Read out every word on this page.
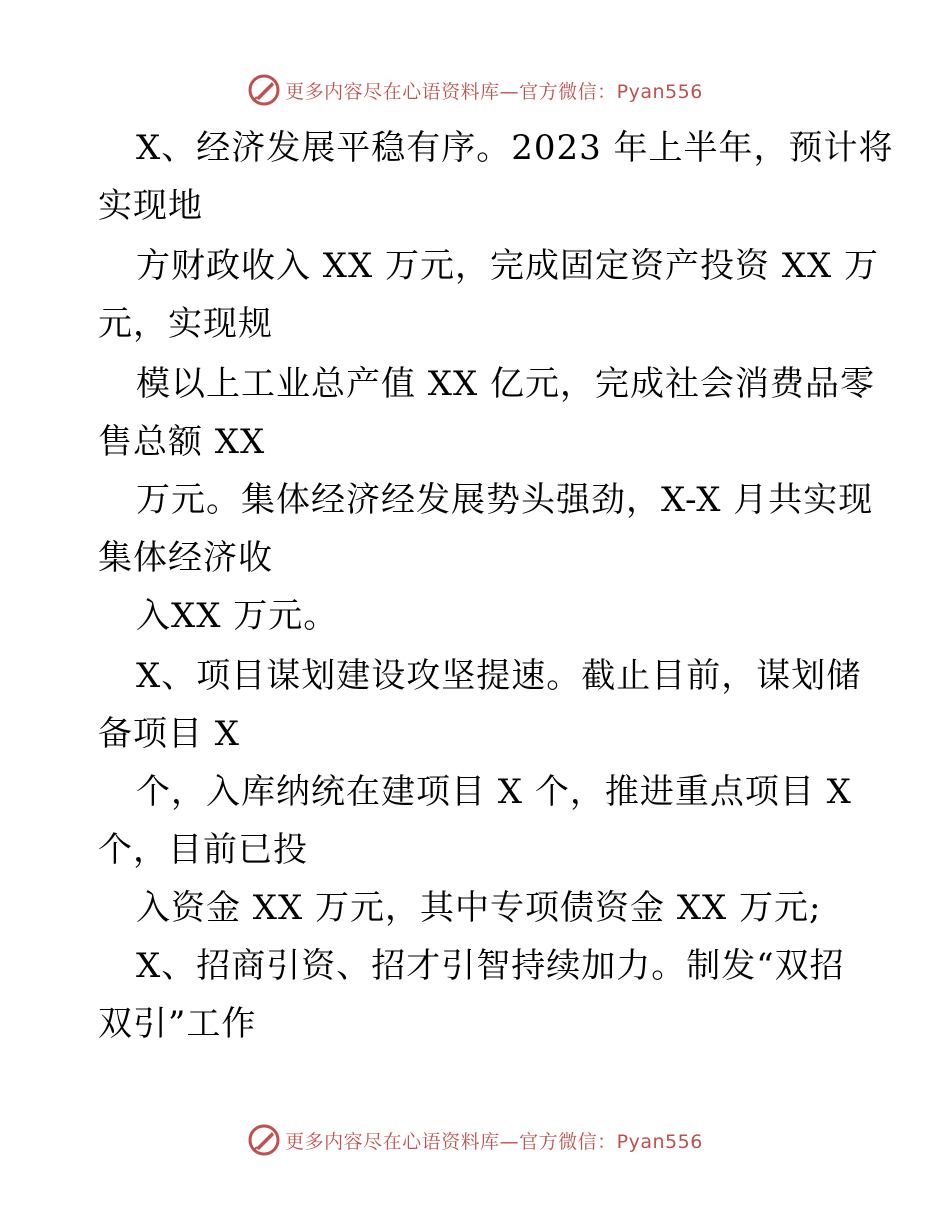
更多内容尽在心语资料库—官方微信：Pyan556
X、经济发展平稳有序。2023 年上半年，预计将
实现地
方财政收入 XX 万元，完成固定资产投资 XX 万
元，实现规
模以上工业总产值 XX 亿元，完成社会消费品零
售总额 XX
万元。集体经济经发展势头强劲，X-X 月共实现
集体经济收
入XX 万元。
X、项目谋划建设攻坚提速。截止目前，谋划储
备项目 X
个，入库纳统在建项目 X 个，推进重点项目 X
个，目前已投
入资金 XX 万元，其中专项债资金 XX 万元;
X、招商引资、招才引智持续加力。制发“双招
双引”工作
更多内容尽在心语资料库—官方微信：Pyan556
